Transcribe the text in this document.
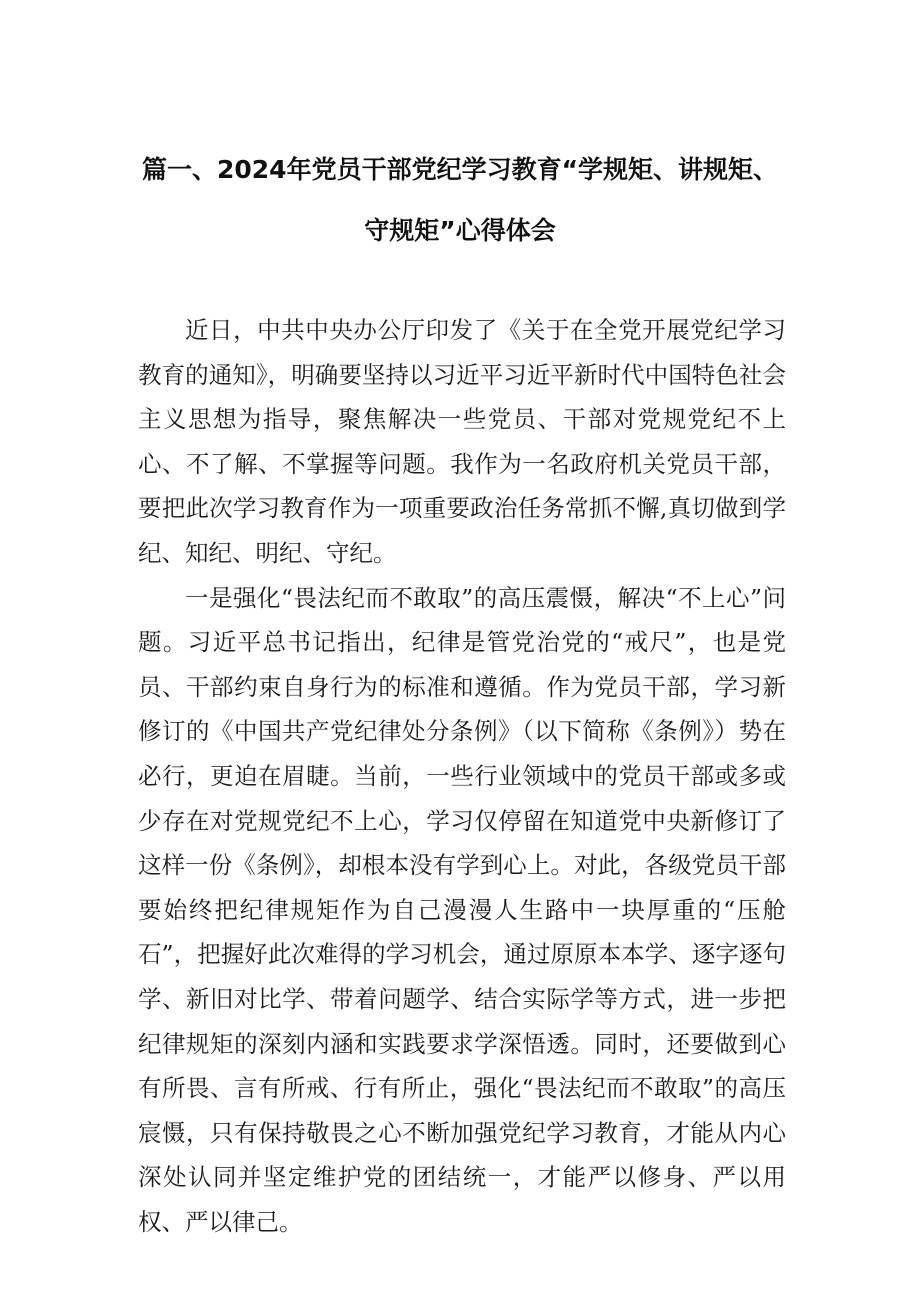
篇一、2024年党员干部党纪学习教育“学规矩、讲规矩、
守规矩”心得体会

近日，中共中央办公厅印发了《关于在全党开展党纪学习教育的通知》，明确要坚持以习近平习近平新时代中国特色社会主义思想为指导，聚焦解决一些党员、干部对党规党纪不上心、不了解、不掌握等问题。我作为一名政府机关党员干部，要把此次学习教育作为一项重要政治任务常抓不懈,真切做到学纪、知纪、明纪、守纪。

一是强化“畏法纪而不敢取”的高压震慑，解决“不上心”问题。习近平总书记指出，纪律是管党治党的“戒尺”，也是党员、干部约束自身行为的标准和遵循。作为党员干部，学习新修订的《中国共产党纪律处分条例》（以下简称《条例》）势在必行，更迫在眉睫。当前，一些行业领域中的党员干部或多或少存在对党规党纪不上心，学习仅停留在知道党中央新修订了这样一份《条例》，却根本没有学到心上。对此，各级党员干部要始终把纪律规矩作为自己漫漫人生路中一块厚重的“压舱石”，把握好此次难得的学习机会，通过原原本本学、逐字逐句学、新旧对比学、带着问题学、结合实际学等方式，进一步把纪律规矩的深刻内涵和实践要求学深悟透。同时，还要做到心有所畏、言有所戒、行有所止，强化“畏法纪而不敢取”的高压宸慑，只有保持敬畏之心不断加强党纪学习教育，才能从内心深处认同并坚定维护党的团结统一，才能严以修身、严以用权、严以律己。
